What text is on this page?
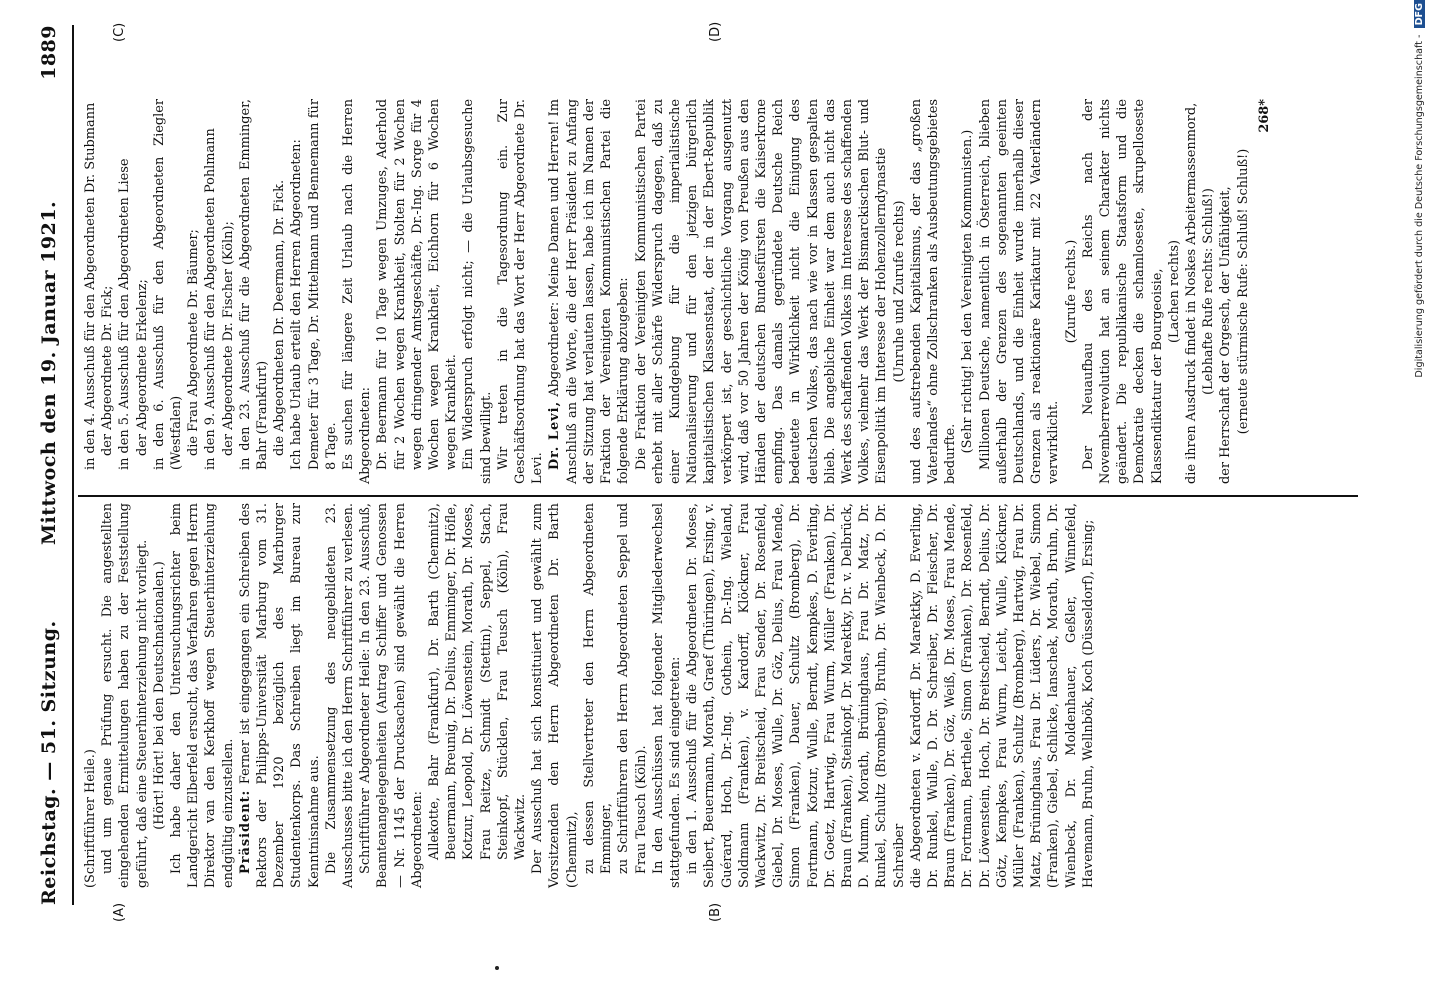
Reichstag. — 51. Sitzung.
Mittwoch den 19. Januar 1921.
1889
(A)	(B)
(C)	(D)

(Schriftführer Heile.) und um genaue Prüfung ersucht. Die angestellten eingehenden Ermittelungen haben zu der Feststellung geführt, daß eine Steuerhinterziehung nicht vorliegt. (Hört! Hört! bei den Deutschnationalen.) Ich habe daher den Untersuchungsrichter beim Landgericht Elberfeld ersucht, das Verfahren gegen Herrn Direktor van den Kerkhoff wegen Steuerhinterziehung endgültig einzustellen. Präsident: Ferner ist eingegangen ein Schreiben des Rektors der Philipps-Universität Marburg vom 31. Dezember 1920 bezüglich des Marburger Studentenkorps. Das Schreiben liegt im Bureau zur Kenntnisnahme aus. Die Zusammensetzung des neugebildeten 23. Ausschusses bitte ich den Herrn Schriftführer zu verlesen. Schriftführer Abgeordneter Heile: In den 23. Ausschuß, Beamtenangelegenheiten (Antrag Schiffer und Genossen — Nr. 1145 der Drucksachen) sind gewählt die Herren Abgeordneten: Allekotte, Bahr (Frankfurt), Dr. Barth (Chemnitz), Beuermann, Breunig, Dr. Delius, Emminger, Dr. Höfle, Kotzur, Leopold, Dr. Löwenstein, Morath, Dr. Moses, Frau Reitze, Schmidt (Stettin), Seppel, Stach, Steinkopf, Stücklen, Frau Teusch (Köln), Frau Wackwitz. Der Ausschuß hat sich konstituiert und gewählt zum Vorsitzenden den Herrn Abgeordneten Dr. Barth (Chemnitz), zu dessen Stellvertreter den Herrn Abgeordneten Emminger, zu Schriftführern den Herrn Abgeordneten Seppel und Frau Teusch (Köln). In den Ausschüssen hat folgender Mitgliederwechsel stattgefunden. Es sind eingetreten: in den 1. Ausschuß für die Abgeordneten Dr. Moses, Seibert, Beuermann, Morath, Graef (Thüringen), Ersing, v. Guérard, Hoch, Dr.-Ing. Gothein, Dr.-Ing. Wieland, Soldmann (Franken), v. Kardorff, Klöckner, Frau Wackwitz, Dr. Breitscheid, Frau Sender, Dr. Rosenfeld, Giebel, Dr. Moses, Wulle, Dr. Göz, Delius, Frau Mende, Simon (Franken), Dauer, Schultz (Bromberg), Dr. Fortmann, Kotzur, Wulle, Berndt, Kempkes, D. Everling, Dr. Goetz, Hartwig, Frau Wurm, Müller (Franken), Dr. Braun (Franken), Steinkopf, Dr. Marektky, Dr. v. Delbrück, D. Mumm, Morath, Brüninghaus, Frau Dr. Matz, Dr. Runkel, Schultz (Bromberg), Bruhn, Dr. Wienbeck, D. Dr. Schreiber die Abgeordneten v. Kardorff, Dr. Marektky, D. Everling, Dr. Runkel, Wulle, D. Dr. Schreiber, Dr. Fleischer, Dr. Braun (Franken), Dr. Göz, Weiß, Dr. Moses, Frau Mende, Dr. Fortmann, Berthele, Simon (Franken), Dr. Rosenfeld, Dr. Löwenstein, Hoch, Dr. Breitscheid, Berndt, Delius, Dr. Götz, Kempkes, Frau Wurm, Leicht, Wulle, Klöckner, Müller (Franken), Schultz (Bromberg), Hartwig, Frau Dr. Matz, Brüninghaus, Frau Dr. Lüders, Dr. Wiebel, Simon (Franken), Giebel, Schlicke, Ianschek, Morath, Bruhn, Dr. Wienbeck, Dr. Moldenhauer, Geßler, Winnefeld, Havemann, Bruhn, Wellnbök, Koch (Düsseldorf), Ersing;

in den 4. Ausschuß für den Abgeordneten Dr. Stubmann der Abgeordnete Dr. Fick; in den 5. Ausschuß für den Abgeordneten Liese der Abgeordnete Erkelenz; in den 6. Ausschuß für den Abgeordneten Ziegler (Westfalen) die Frau Abgeordnete Dr. Bäumer; in den 9. Ausschuß für den Abgeordneten Pohlmann der Abgeordnete Dr. Fischer (Köln); in den 23. Ausschuß für die Abgeordneten Emminger, Bahr (Frankfurt) die Abgeordneten Dr. Deermann, Dr. Fick. Ich habe Urlaub erteilt den Herren Abgeordneten: Demeter für 3 Tage, Dr. Mittelmann und Bennemann für 8 Tage. Es suchen für längere Zeit Urlaub nach die Herren Abgeordneten: Dr. Beermann für 10 Tage wegen Umzuges, Aderhold für 2 Wochen wegen Krankheit, Stolten für 2 Wochen wegen dringender Amtsgeschäfte, Dr.-Ing. Sorge für 4 Wochen wegen Krankheit, Eichhorn für 6 Wochen wegen Krankheit. Ein Widerspruch erfolgt nicht; — die Urlaubsgesuche sind bewilligt. Wir treten in die Tagesordnung ein. Zur Geschäftsordnung hat das Wort der Herr Abgeordnete Dr. Levi. Dr. Levi, Abgeordneter: Meine Damen und Herren! Im Anschluß an die Worte, die der Herr Präsident zu Anfang der Sitzung hat verlauten lassen, habe ich im Namen der Fraktion der Vereinigten Kommunistischen Partei die folgende Erklärung abzugeben: Die Fraktion der Vereinigten Kommunistischen Partei erhebt mit aller Schärfe Widerspruch dagegen, daß zu einer Kundgebung für die imperialistische Nationalisierung und für den jetzigen bürgerlich kapitalistischen Klassenstaat, der in der Ebert-Republik verkörpert ist, der geschichtliche Vorgang ausgenutzt wird, daß vor 50 Jahren der König von Preußen aus den Händen der deutschen Bundesfürsten die Kaiserkrone empfing. Das damals gegründete Deutsche Reich bedeutete in Wirklichkeit nicht die Einigung des deutschen Volkes, das nach wie vor in Klassen gespalten blieb. Die angebliche Einheit war dem auch nicht das Werk des schaffenden Volkes im Interesse des schaffenden Volkes, vielmehr das Werk der Bismarckischen Blut- und Eisenpolitik im Interesse der Hohenzollerndynastie (Unruhe und Zurufe rechts) und des aufstrebenden Kapitalismus, der das „großen Vaterlandes“ ohne Zollschranken als Ausbeutungsgebietes bedurfte.

(Sehr richtig! bei den Vereinigten Kommunisten.) Millionen Deutsche, namentlich in Österreich, blieben außerhalb der Grenzen des sogenannten geeinten Deutschlands, und die Einheit wurde innerhalb dieser Grenzen als reaktionäre Karikatur mit 22 Vaterländern verwirklicht.

(Zurufe rechts.) Der Neuaufbau des Reichs nach der Novemberrevolution hat an seinem Charakter nichts geändert. Die republikanische Staatsform und die Demokratie decken die schamloseste, skrupelloseste Klassendiktatur der Bourgeoisie, (Lachen rechts) die ihren Ausdruck findet in Noskes Arbeitermassenmord, (Lebhafte Rufe rechts: Schluß!) der Herrschaft der Orgesch, der Unfähigkeit, (erneute stürmische Rufe: Schluß! Schluß!)

268*	Digitalisierung gefördert durch die Deutsche Forschungsgemeinschaft - DFG
